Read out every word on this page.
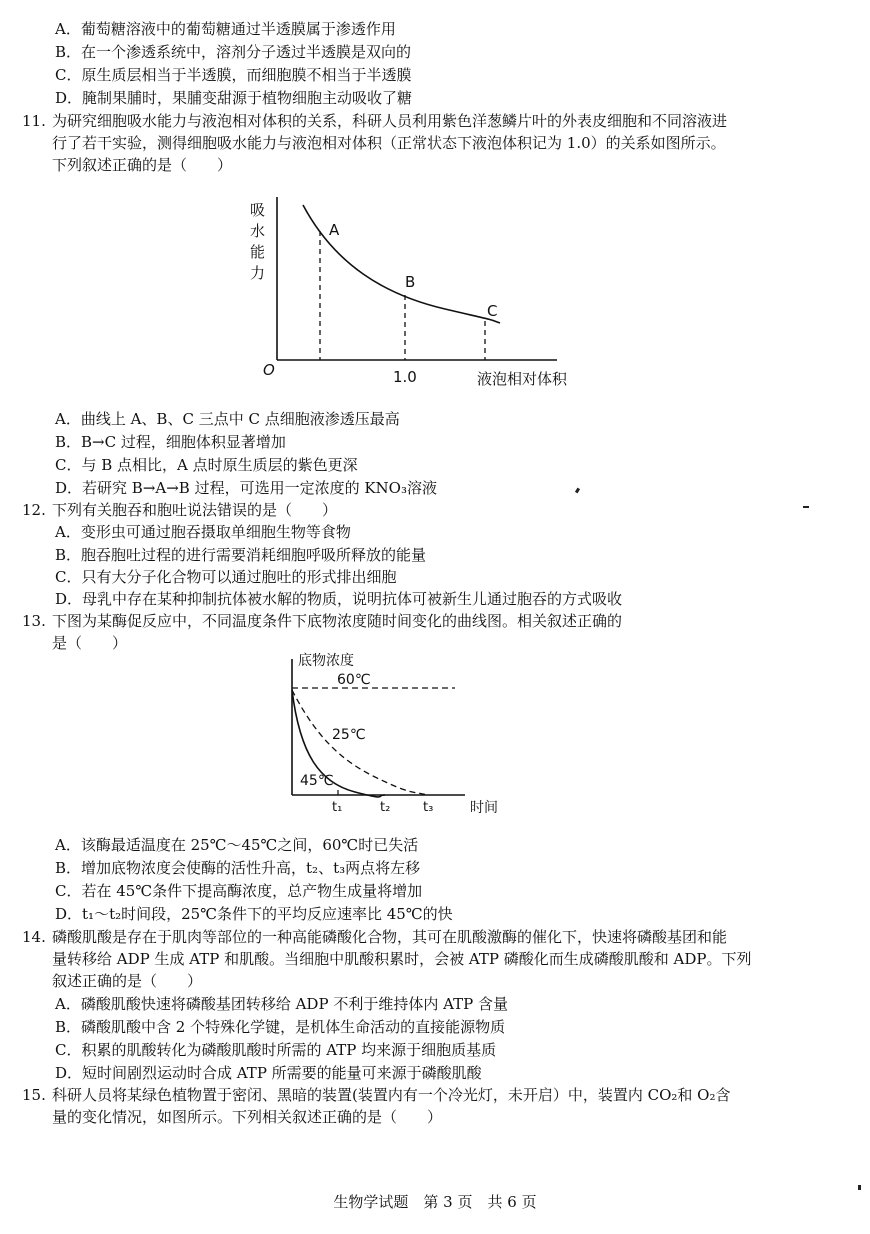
A．葡萄糖溶液中的葡萄糖通过半透膜属于渗透作用
B．在一个渗透系统中，溶剂分子透过半透膜是双向的
C．原生质层相当于半透膜，而细胞膜不相当于半透膜
D．腌制果脯时，果脯变甜源于植物细胞主动吸收了糖
11. 为研究细胞吸水能力与液泡相对体积的关系，科研人员利用紫色洋葱鳞片叶的外表皮细胞和不同溶液进
行了若干实验，测得细胞吸水能力与液泡相对体积（正常状态下液泡体积记为 1.0）的关系如图所示。
下列叙述正确的是（　　）
吸
水
能
力
O	1.0	液泡相对体积
A
B
C
A．曲线上 A、B、C 三点中 C 点细胞液渗透压最高
B．B→C 过程，细胞体积显著增加
C．与 B 点相比，A 点时原生质层的紫色更深
D．若研究 B→A→B 过程，可选用一定浓度的 KNO₃溶液
12. 下列有关胞吞和胞吐说法错误的是（　　）
A．变形虫可通过胞吞摄取单细胞生物等食物
B．胞吞胞吐过程的进行需要消耗细胞呼吸所释放的能量
C．只有大分子化合物可以通过胞吐的形式排出细胞
D．母乳中存在某种抑制抗体被水解的物质，说明抗体可被新生儿通过胞吞的方式吸收
13. 下图为某酶促反应中，不同温度条件下底物浓度随时间变化的曲线图。相关叙述正确的
是（　　）
底物浓度
时间
60℃
25℃
45℃
t₁	t₂	t₃
A．该酶最适温度在 25℃～45℃之间，60℃时已失活
B．增加底物浓度会使酶的活性升高，t₂、t₃两点将左移
C．若在 45℃条件下提高酶浓度，总产物生成量将增加
D．t₁～t₂时间段，25℃条件下的平均反应速率比 45℃的快
14. 磷酸肌酸是存在于肌肉等部位的一种高能磷酸化合物，其可在肌酸激酶的催化下，快速将磷酸基团和能
量转移给 ADP 生成 ATP 和肌酸。当细胞中肌酸积累时，会被 ATP 磷酸化而生成磷酸肌酸和 ADP。下列
叙述正确的是（　　）
A．磷酸肌酸快速将磷酸基团转移给 ADP 不利于维持体内 ATP 含量
B．磷酸肌酸中含 2 个特殊化学键，是机体生命活动的直接能源物质
C．积累的肌酸转化为磷酸肌酸时所需的 ATP 均来源于细胞质基质
D．短时间剧烈运动时合成 ATP 所需要的能量可来源于磷酸肌酸
15. 科研人员将某绿色植物置于密闭、黑暗的装置(装置内有一个冷光灯，未开启）中，装置内 CO₂和 O₂含
量的变化情况，如图所示。下列相关叙述正确的是（　　）
生物学试题　第 3 页　共 6 页
